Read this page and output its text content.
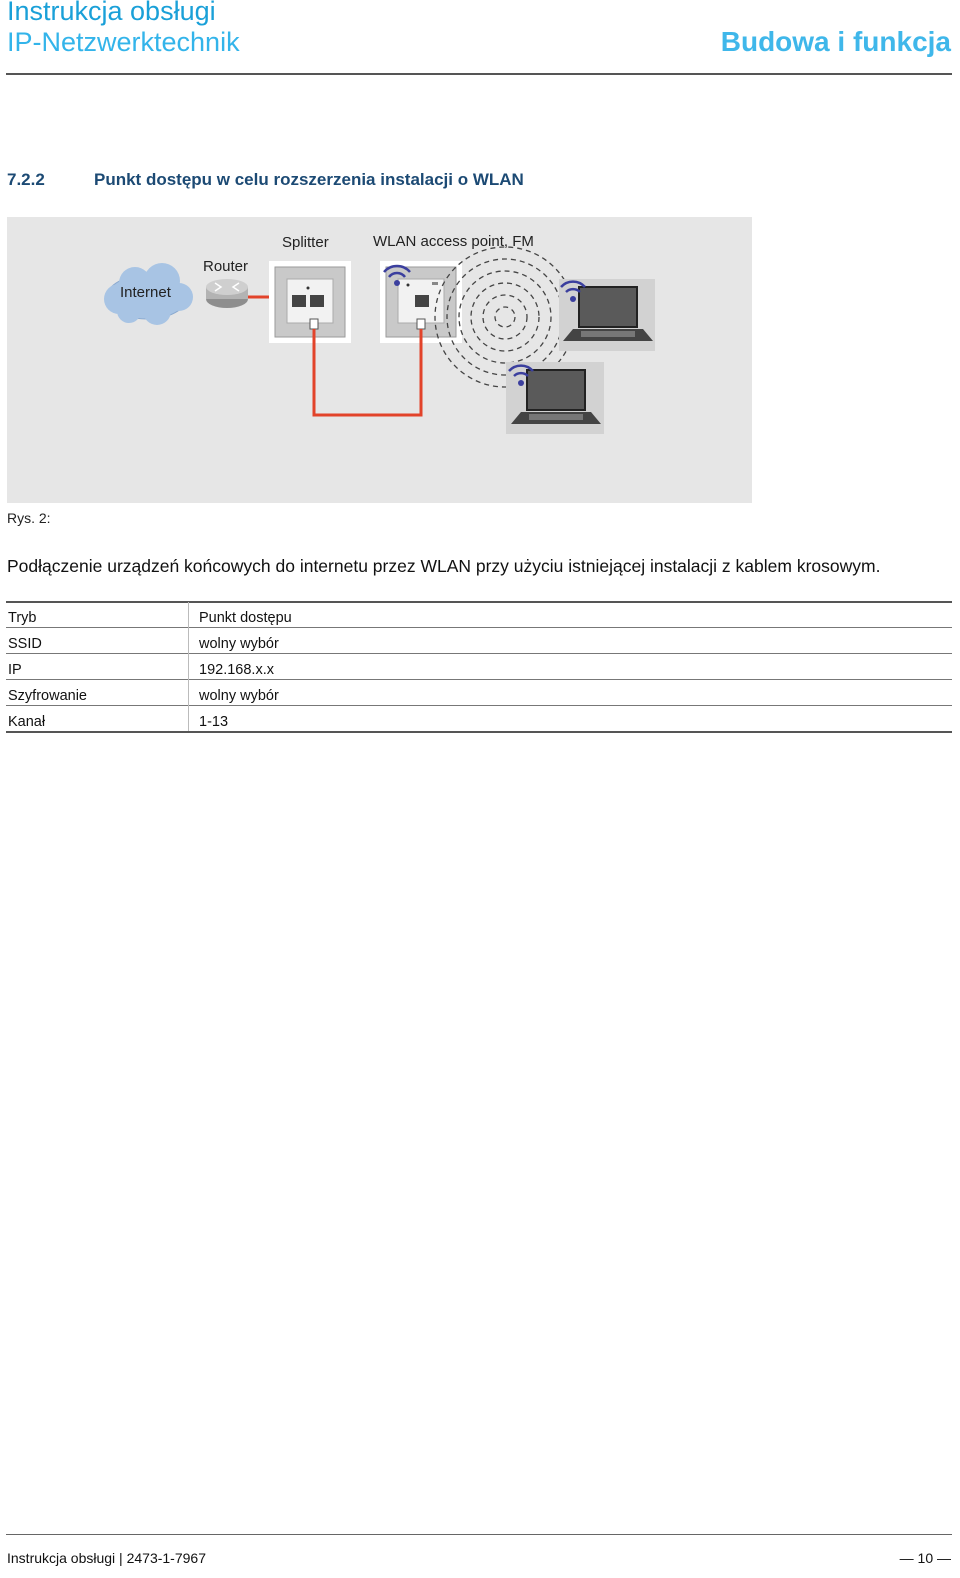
Instrukcja obsługi
IP-Netzwerktechnik	Budowa i funkcja
7.2.2	Punkt dostępu w celu rozszerzenia instalacji o WLAN
Internet
Router
Splitter	WLAN access point, FM
Rys. 2:
Podłączenie urządzeń końcowych do internetu przez WLAN przy użyciu istniejącej instalacji z kablem krosowym.
Tryb	Punkt dostępu
SSID	wolny wybór
IP	192.168.x.x
Szyfrowanie	wolny wybór
Kanał	1-13
Instrukcja obsługi | 2473-1-7967	— 10 —
